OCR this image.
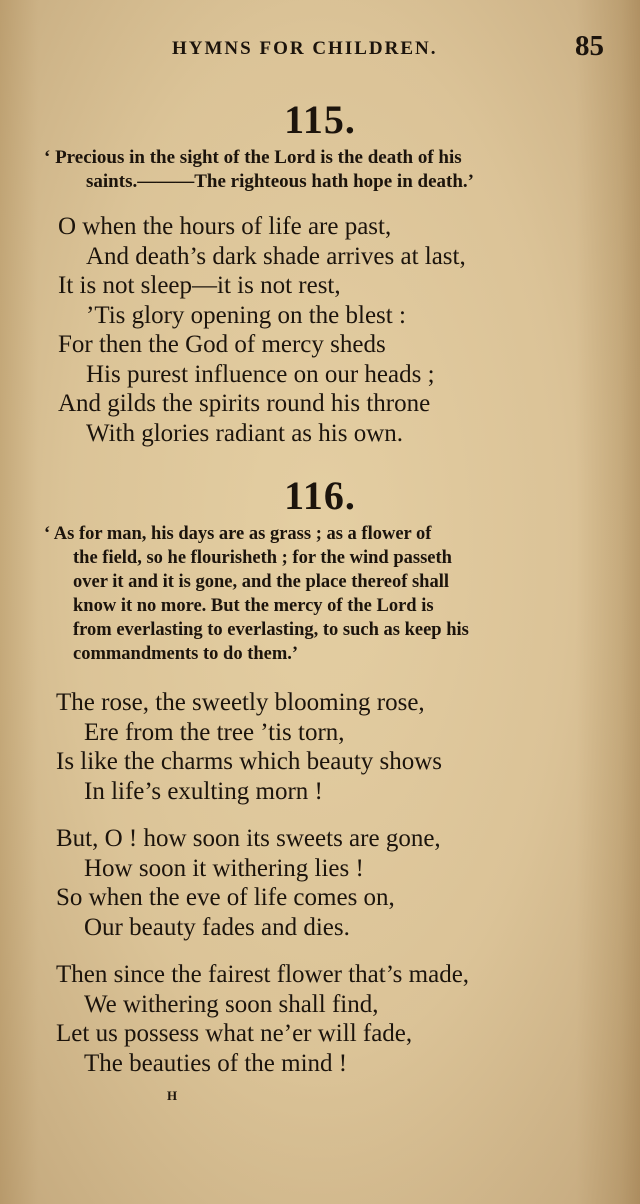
HYMNS FOR CHILDREN.	85
115.
‘ Precious in the sight of the Lord is the death of his
saints.———The righteous hath hope in death.’
O when the hours of life are past,
And death’s dark shade arrives at last,
It is not sleep—it is not rest,
’Tis glory opening on the blest :
For then the God of mercy sheds
His purest influence on our heads ;
And gilds the spirits round his throne
With glories radiant as his own.
116.
‘ As for man, his days are as grass ; as a flower of
the field, so he flourisheth ; for the wind passeth
over it and it is gone, and the place thereof shall
know it no more. But the mercy of the Lord is
from everlasting to everlasting, to such as keep his
commandments to do them.’
The rose, the sweetly blooming rose,
Ere from the tree ’tis torn,
Is like the charms which beauty shows
In life’s exulting morn !
But, O ! how soon its sweets are gone,
How soon it withering lies !
So when the eve of life comes on,
Our beauty fades and dies.
Then since the fairest flower that’s made,
We withering soon shall find,
Let us possess what ne’er will fade,
The beauties of the mind !
H
